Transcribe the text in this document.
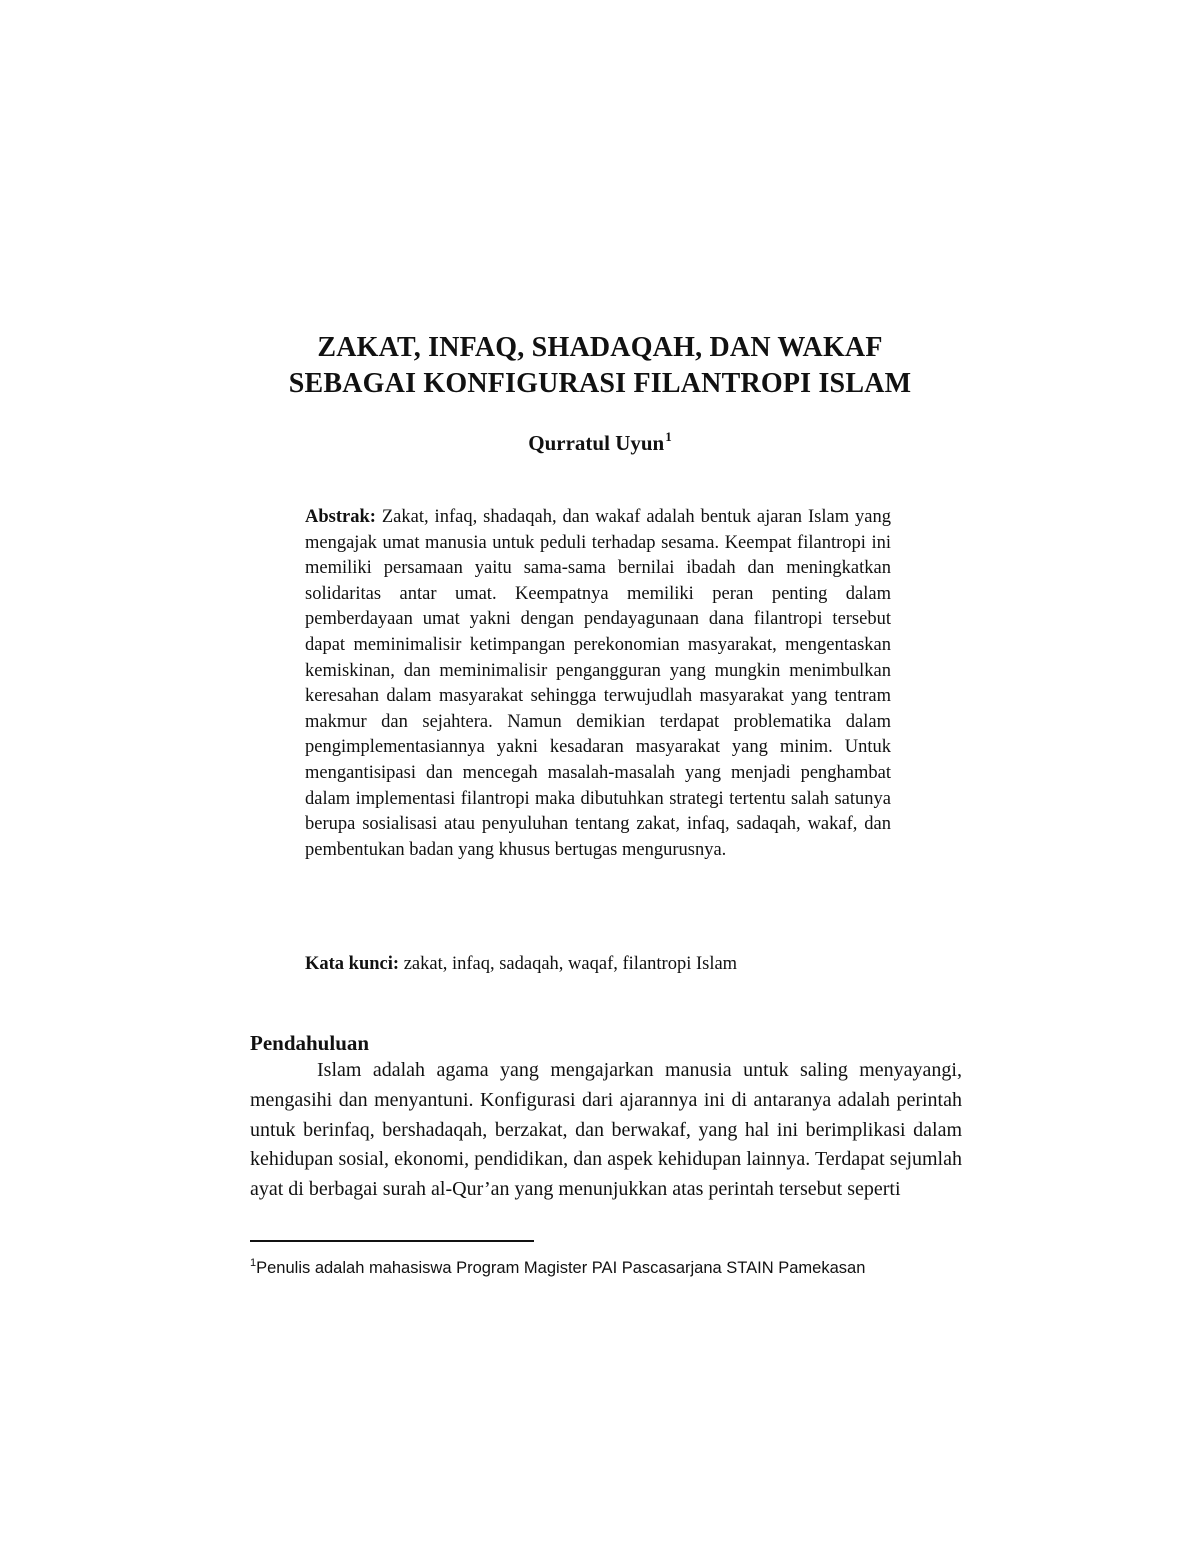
ZAKAT, INFAQ, SHADAQAH, DAN WAKAF
SEBAGAI KONFIGURASI FILANTROPI ISLAM
Qurratul Uyun$^1$
Abstrak: Zakat, infaq, shadaqah, dan wakaf adalah bentuk ajaran Islam yang mengajak umat manusia untuk peduli terhadap sesama. Keempat filantropi ini memiliki persamaan yaitu sama-sama bernilai ibadah dan meningkatkan solidaritas antar umat. Keempatnya memiliki peran penting dalam pemberdayaan umat yakni dengan pendayagunaan dana filantropi tersebut dapat meminimalisir ketimpangan perekonomian masyarakat, mengentaskan kemiskinan, dan meminimalisir pengangguran yang mungkin menimbulkan keresahan dalam masyarakat sehingga terwujudlah masyarakat yang tentram makmur dan sejahtera. Namun demikian terdapat problematika dalam pengimplementasiannya yakni kesadaran masyarakat yang minim. Untuk mengantisipasi dan mencegah masalah-masalah yang menjadi penghambat dalam implementasi filantropi maka dibutuhkan strategi tertentu salah satunya berupa sosialisasi atau penyuluhan tentang zakat, infaq, sadaqah, wakaf, dan pembentukan badan yang khusus bertugas mengurusnya.
Kata kunci: zakat, infaq, sadaqah, waqaf, filantropi Islam
Pendahuluan
Islam adalah agama yang mengajarkan manusia untuk saling menyayangi, mengasihi dan menyantuni. Konfigurasi dari ajarannya ini di antaranya adalah perintah untuk berinfaq, bershadaqah, berzakat, dan berwakaf, yang hal ini berimplikasi dalam kehidupan sosial, ekonomi, pendidikan, dan aspek kehidupan lainnya. Terdapat sejumlah ayat di berbagai surah al-Qur’an yang menunjukkan atas perintah tersebut seperti
$^1$Penulis adalah mahasiswa Program Magister PAI Pascasarjana STAIN Pamekasan
